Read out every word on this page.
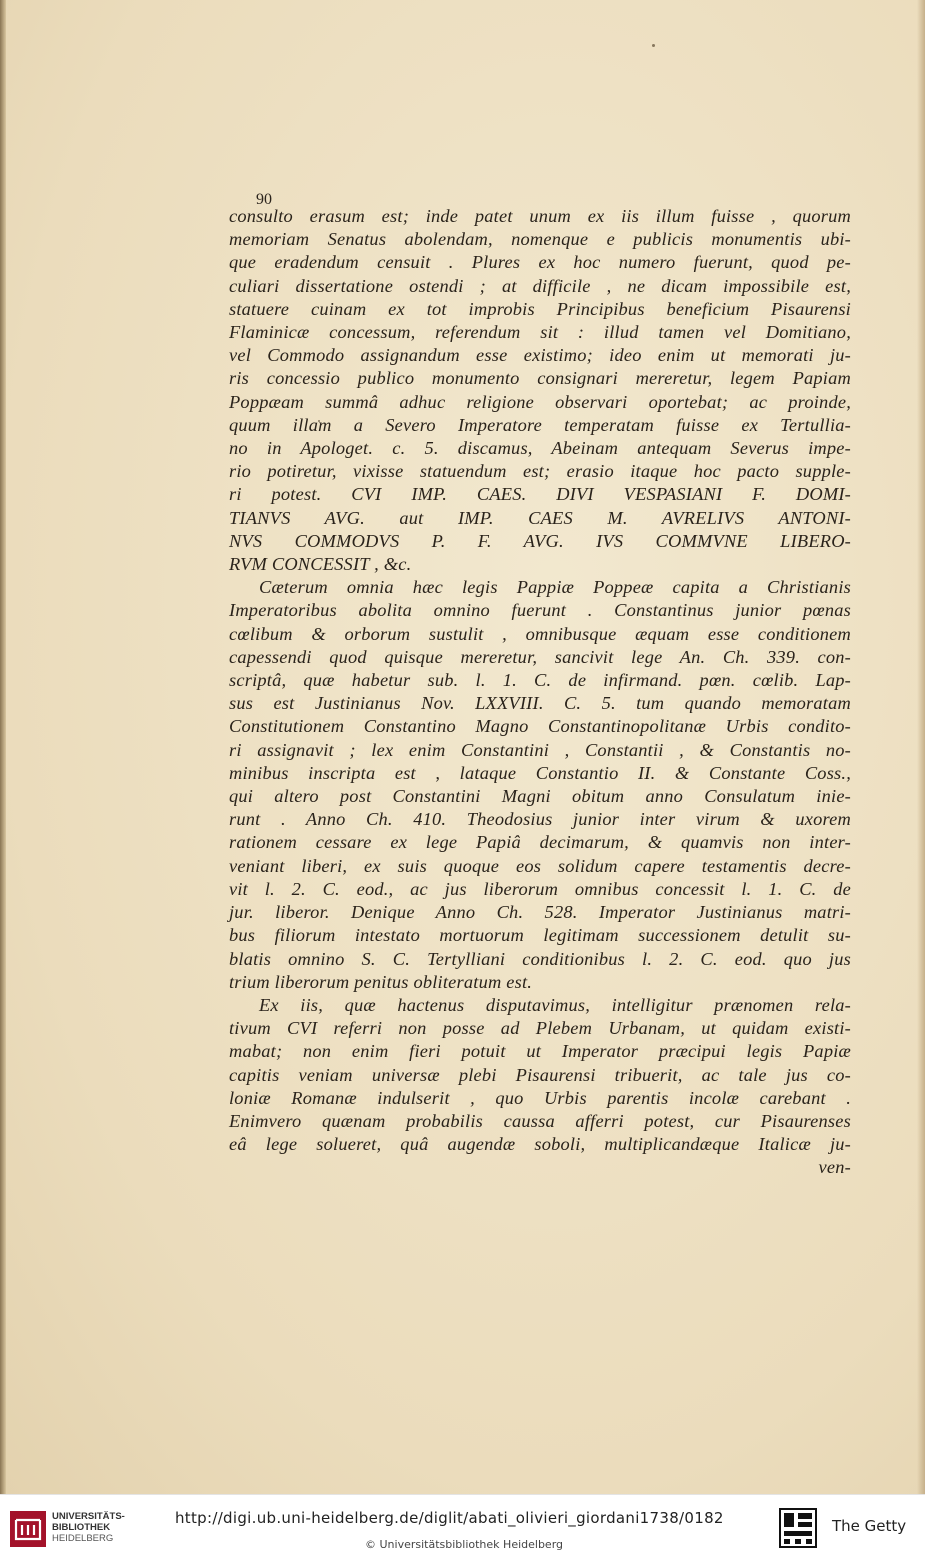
90
consulto erasum est; inde patet unum ex iis illum fuisse , quorum
memoriam Senatus abolendam, nomenque e publicis monumentis ubi-
que eradendum censuit . Plures ex hoc numero fuerunt, quod pe-
culiari dissertatione ostendi ; at difficile , ne dicam impossibile est,
statuere cuinam ex tot improbis Principibus beneficium Pisaurensi
Flaminicæ concessum, referendum sit : illud tamen vel Domitiano,
vel Commodo assignandum esse existimo; ideo enim ut memorati ju-
ris concessio publico monumento consignari mereretur, legem Papiam
Poppæam summâ adhuc religione observari oportebat; ac proinde,
quum illam a Severo Imperatore temperatam fuisse ex Tertullia-
no in Apologet. c. 5. discamus, Abeinam antequam Severus impe-
rio potiretur, vixisse statuendum est; erasio itaque hoc pacto supple-
ri potest. CVI IMP. CAES. DIVI VESPASIANI F. DOMI-
TIANVS AVG. aut IMP. CAES M. AVRELIVS ANTONI-
NVS COMMODVS P. F. AVG. IVS COMMVNE LIBERO-
RVM CONCESSIT , &c.
Cæterum omnia hæc legis Pappiæ Poppeæ capita a Christianis
Imperatoribus abolita omnino fuerunt . Constantinus junior pœnas
cœlibum & orborum sustulit , omnibusque æquam esse conditionem
capessendi quod quisque mereretur, sancivit lege An. Ch. 339. con-
scriptâ, quæ habetur sub. l. 1. C. de infirmand. pœn. cœlib. Lap-
sus est Justinianus Nov. LXXVIII. C. 5. tum quando memoratam
Constitutionem Constantino Magno Constantinopolitanæ Urbis condito-
ri assignavit ; lex enim Constantini , Constantii , & Constantis no-
minibus inscripta est , lataque Constantio II. & Constante Coss.,
qui altero post Constantini Magni obitum anno Consulatum inie-
runt . Anno Ch. 410. Theodosius junior inter virum & uxorem
rationem cessare ex lege Papiâ decimarum, & quamvis non inter-
veniant liberi, ex suis quoque eos solidum capere testamentis decre-
vit l. 2. C. eod., ac jus liberorum omnibus concessit l. 1. C. de
jur. liberor. Denique Anno Ch. 528. Imperator Justinianus matri-
bus filiorum intestato mortuorum legitimam successionem detulit su-
blatis omnino S. C. Tertylliani conditionibus l. 2. C. eod. quo jus
trium liberorum penitus obliteratum est.
Ex iis, quæ hactenus disputavimus, intelligitur prænomen rela-
tivum CVI referri non posse ad Plebem Urbanam, ut quidam existi-
mabat; non enim fieri potuit ut Imperator præcipui legis Papiæ
capitis veniam universæ plebi Pisaurensi tribuerit, ac tale jus co-
loniæ Romanæ indulserit , quo Urbis parentis incolæ carebant .
Enimvero quænam probabilis caussa afferri potest, cur Pisaurenses
eâ lege solueret, quâ augendæ soboli, multiplicandæque Italicæ ju-
ven-
UNIVERSITÄTS-
BIBLIOTHEK
HEIDELBERG
http://digi.ub.uni-heidelberg.de/diglit/abati_olivieri_giordani1738/0182
© Universitätsbibliothek Heidelberg
The Getty
